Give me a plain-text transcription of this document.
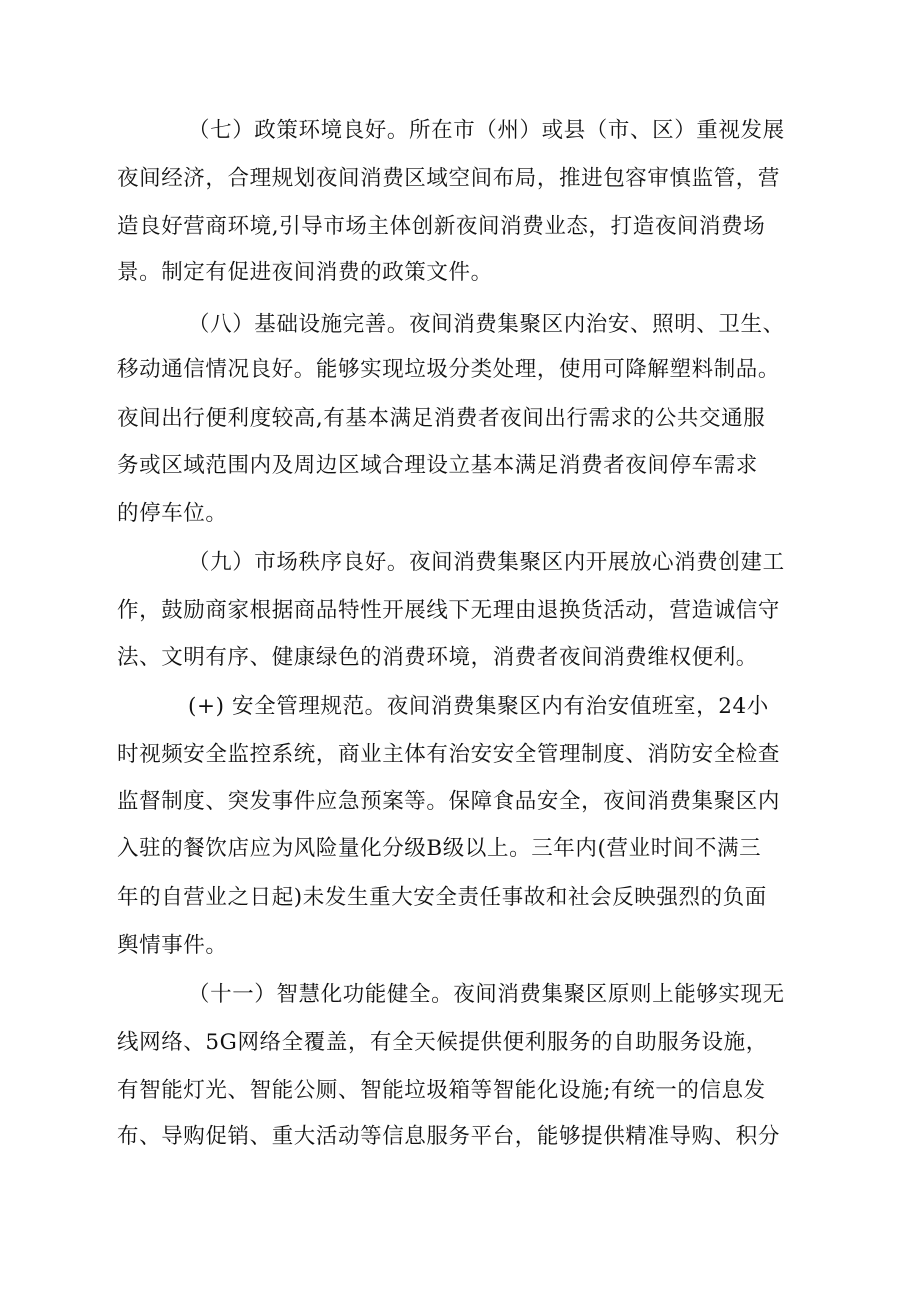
（七）政策环境良好。所在市（州）或县（市、区）重视发展
夜间经济，合理规划夜间消费区域空间布局，推进包容审慎监管，营
造良好营商环境,引导市场主体创新夜间消费业态，打造夜间消费场
景。制定有促进夜间消费的政策文件。
（八）基础设施完善。夜间消费集聚区内治安、照明、卫生、
移动通信情况良好。能够实现垃圾分类处理，使用可降解塑料制品。
夜间出行便利度较高,有基本满足消费者夜间出行需求的公共交通服
务或区域范围内及周边区域合理设立基本满足消费者夜间停车需求
的停车位。
（九）市场秩序良好。夜间消费集聚区内开展放心消费创建工
作，鼓励商家根据商品特性开展线下无理由退换货活动，营造诚信守
法、文明有序、健康绿色的消费环境，消费者夜间消费维权便利。
(+) 安全管理规范。夜间消费集聚区内有治安值班室，24小
时视频安全监控系统，商业主体有治安安全管理制度、消防安全检查
监督制度、突发事件应急预案等。保障食品安全，夜间消费集聚区内
入驻的餐饮店应为风险量化分级B级以上。三年内(营业时间不满三
年的自营业之日起)未发生重大安全责任事故和社会反映强烈的负面
舆情事件。
（十一）智慧化功能健全。夜间消费集聚区原则上能够实现无
线网络、5G网络全覆盖，有全天候提供便利服务的自助服务设施，
有智能灯光、智能公厕、智能垃圾箱等智能化设施;有统一的信息发
布、导购促销、重大活动等信息服务平台，能够提供精准导购、积分
